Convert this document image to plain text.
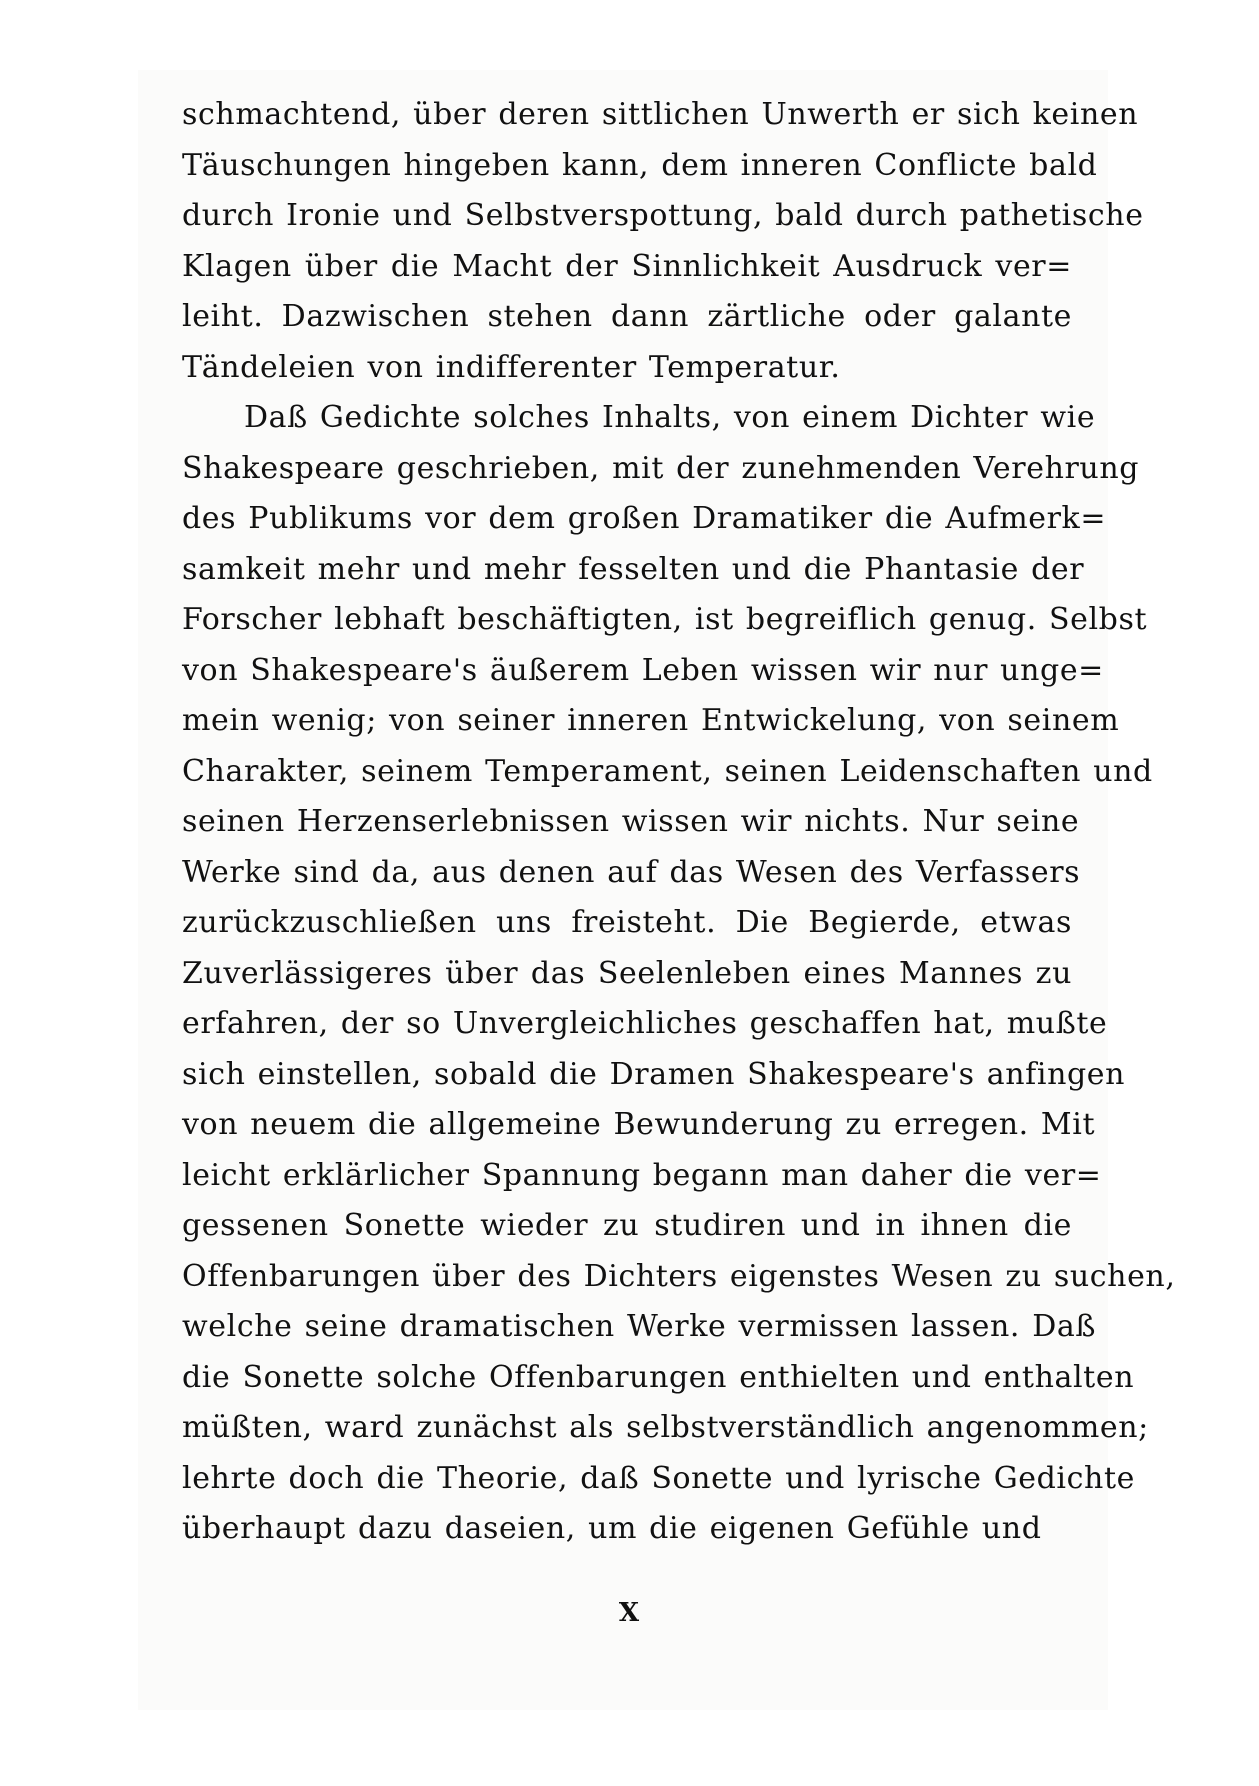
schmachtend, über deren sittlichen Unwerth er sich keinen
Täuschungen hingeben kann, dem inneren Conflicte bald
durch Ironie und Selbstverspottung, bald durch pathetische
Klagen über die Macht der Sinnlichkeit Ausdruck ver=
leiht. Dazwischen stehen dann zärtliche oder galante
Tändeleien von indifferenter Temperatur.
Daß Gedichte solches Inhalts, von einem Dichter wie
Shakespeare geschrieben, mit der zunehmenden Verehrung
des Publikums vor dem großen Dramatiker die Aufmerk=
samkeit mehr und mehr fesselten und die Phantasie der
Forscher lebhaft beschäftigten, ist begreiflich genug. Selbst
von Shakespeare's äußerem Leben wissen wir nur unge=
mein wenig; von seiner inneren Entwickelung, von seinem
Charakter, seinem Temperament, seinen Leidenschaften und
seinen Herzenserlebnissen wissen wir nichts. Nur seine
Werke sind da, aus denen auf das Wesen des Verfassers
zurückzuschließen uns freisteht. Die Begierde, etwas
Zuverlässigeres über das Seelenleben eines Mannes zu
erfahren, der so Unvergleichliches geschaffen hat, mußte
sich einstellen, sobald die Dramen Shakespeare's anfingen
von neuem die allgemeine Bewunderung zu erregen. Mit
leicht erklärlicher Spannung begann man daher die ver=
gessenen Sonette wieder zu studiren und in ihnen die
Offenbarungen über des Dichters eigenstes Wesen zu suchen,
welche seine dramatischen Werke vermissen lassen. Daß
die Sonette solche Offenbarungen enthielten und enthalten
müßten, ward zunächst als selbstverständlich angenommen;
lehrte doch die Theorie, daß Sonette und lyrische Gedichte
überhaupt dazu daseien, um die eigenen Gefühle und
X
